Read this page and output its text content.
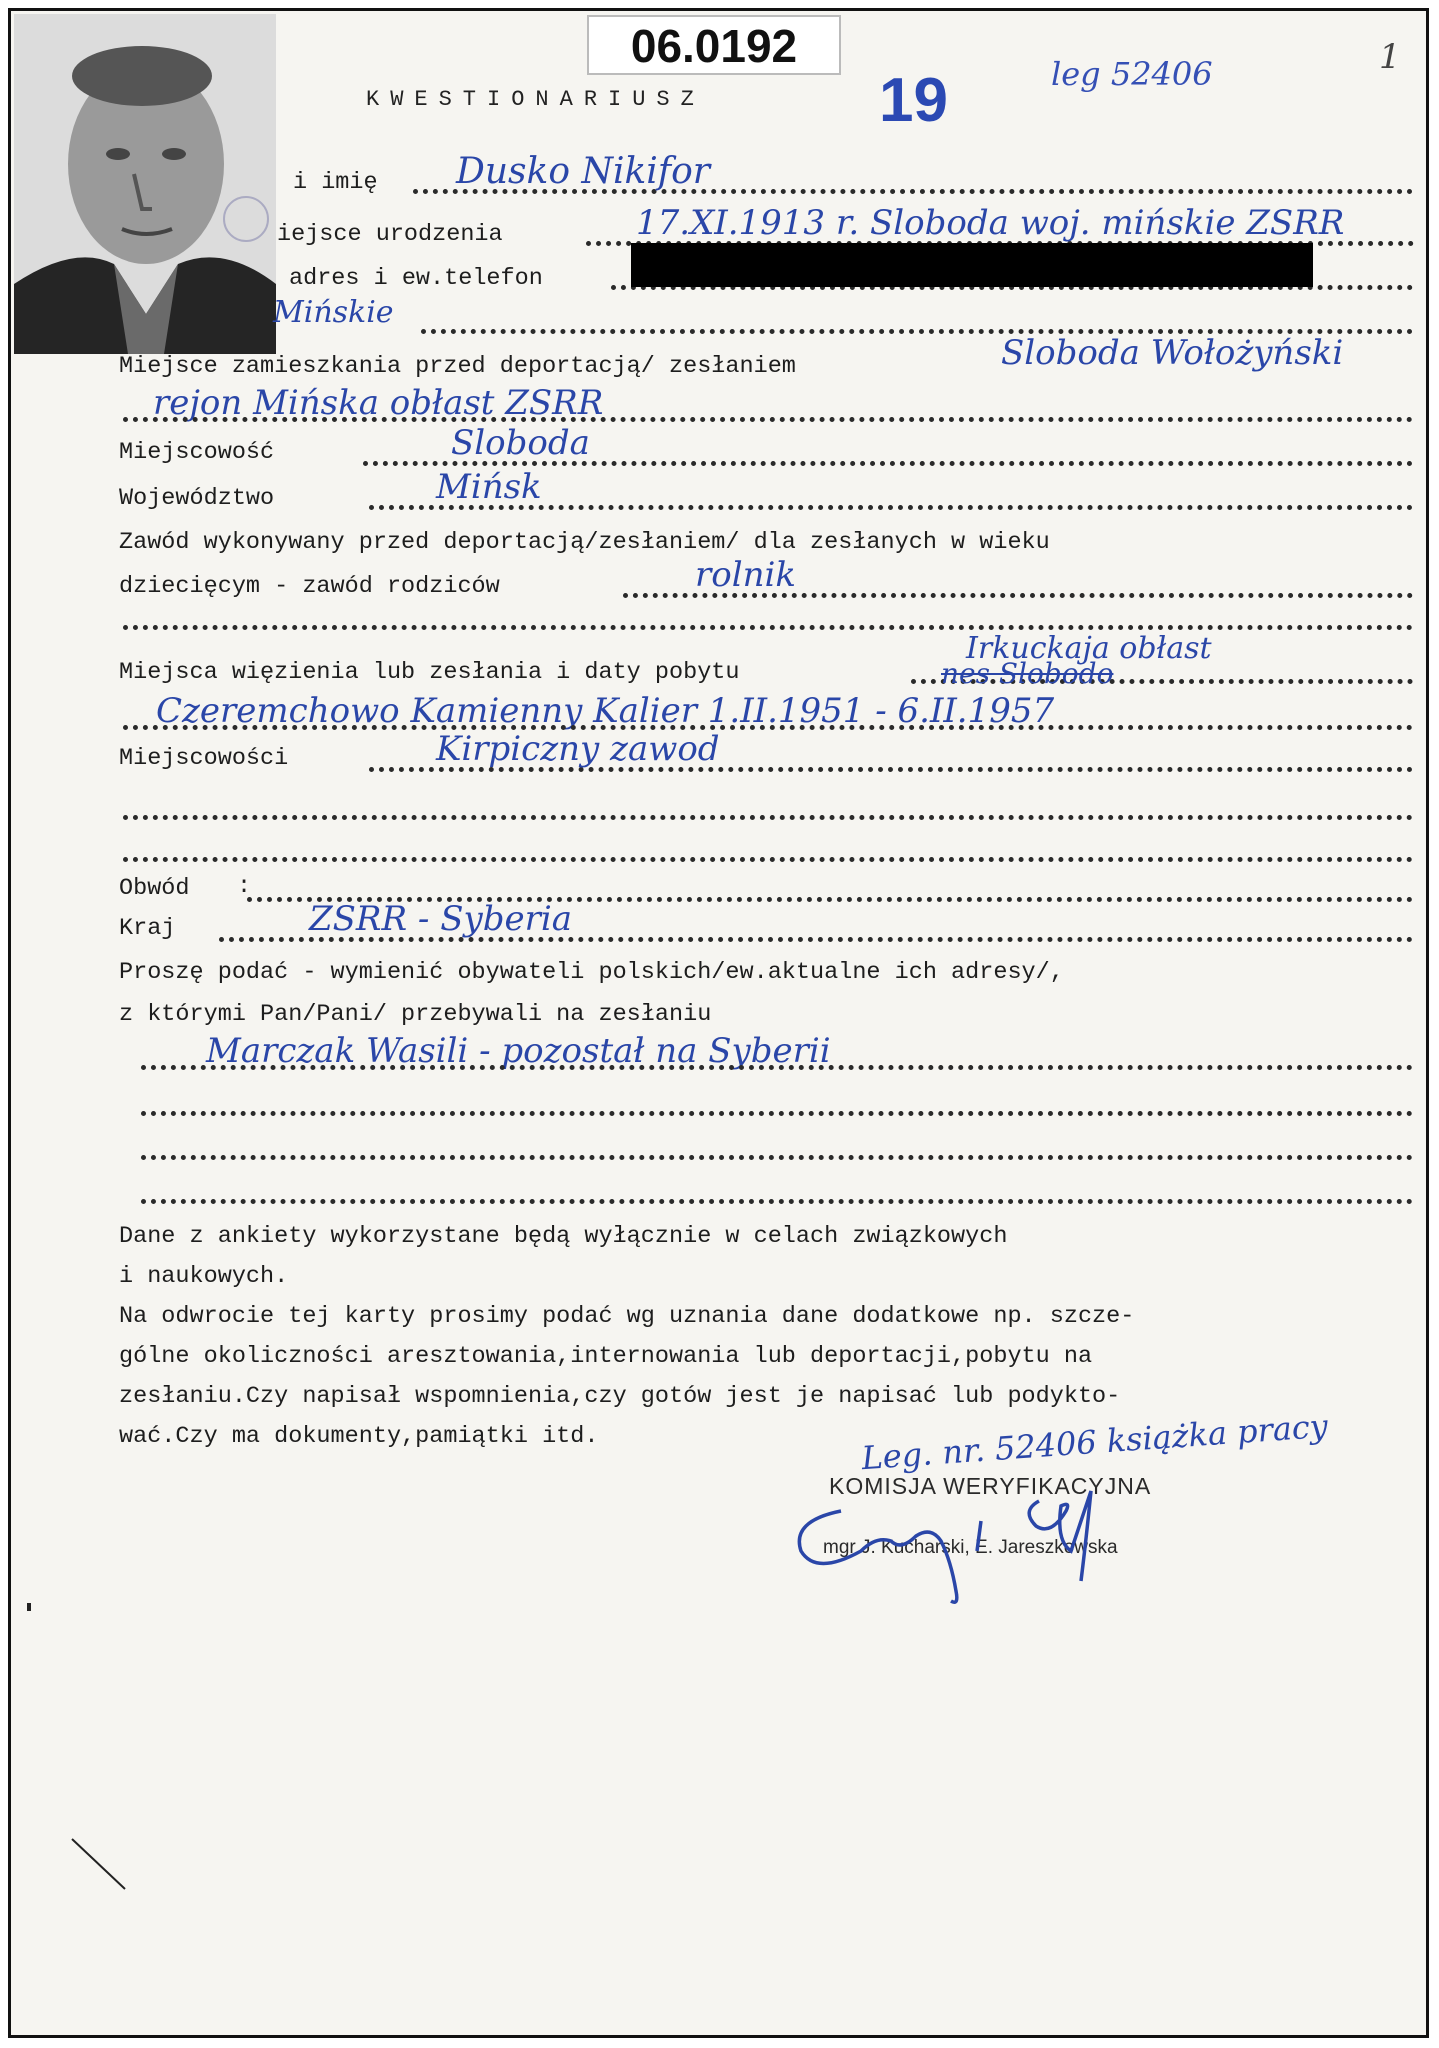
06.0192
19	leg 52406	1
KWESTIONARIUSZ
i imię Dusko Nikifor
iejsce urodzenia	17.XI.1913 r. Sloboda woj. mińskie ZSRR
adres i ew.telefon
Mińskie
Miejsce zamieszkania przed deportacją/ zesłaniem	Sloboda Wołożyński
rejon Mińska obłast ZSRR
Miejscowość	Sloboda
Województwo	Mińsk
Zawód wykonywany przed deportacją/zesłaniem/ dla zesłanych w wieku
dziecięcym - zawód rodziców	rolnik
Miejsca więzienia lub zesłania i daty pobytu
Irkuckaja obłast
nes Slobodo
Czeremchowo Kamienny Kalier 1.II.1951 - 6.II.1957
Miejscowości	Kirpiczny zawod
Obwód :
Kraj	ZSRR - Syberia
Proszę podać - wymienić obywateli polskich/ew.aktualne ich adresy/,
z którymi Pan/Pani/ przebywali na zesłaniu
Marczak Wasili - pozostał na Syberii
Dane z ankiety wykorzystane będą wyłącznie w celach związkowych
i naukowych.
Na odwrocie tej karty prosimy podać wg uznania dane dodatkowe np. szcze-
gólne okoliczności aresztowania,internowania lub deportacji,pobytu na
zesłaniu.Czy napisał wspomnienia,czy gotów jest je napisać lub podykto-
wać.Czy ma dokumenty,pamiątki itd.	Leg. nr. 52406 książka pracy
KOMISJA WERYFIKACYJNA
mgr J. Kucharski, E. Jareszkowska
